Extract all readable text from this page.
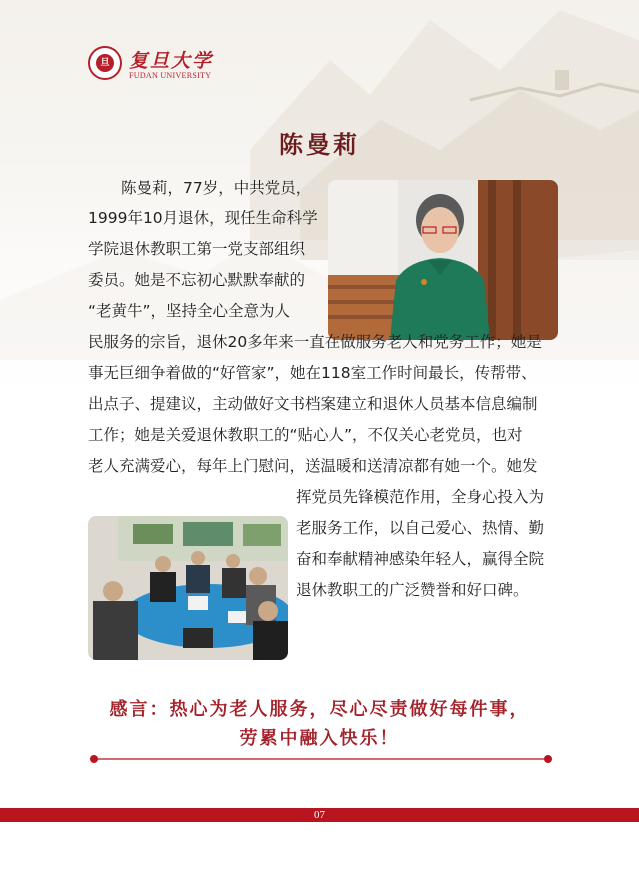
旦 复旦大学
FUDAN UNIVERSITY
陈曼莉

陈曼莉，77岁，中共党员，

1999年10月退休，现任生命科学

学院退休教职工第一党支部组织

委员。她是不忘初心默默奉献的

“老黄牛”，坚持全心全意为人

民服务的宗旨，退休20多年来一直在做服务老人和党务工作；她是

事无巨细争着做的“好管家”，她在118室工作时间最长，传帮带、

出点子、提建议，主动做好文书档案建立和退休人员基本信息编制

工作；她是关爱退休教职工的“贴心人”，不仅关心老党员，也对

老人充满爱心，每年上门慰问，送温暖和送清凉都有她一个。她发

挥党员先锋模范作用，全身心投入为

老服务工作，以自己爱心、热情、勤

奋和奉献精神感染年轻人，赢得全院

退休教职工的广泛赞誉和好口碑。

感言：热心为老人服务，尽心尽责做好每件事，
劳累中融入快乐！
07
